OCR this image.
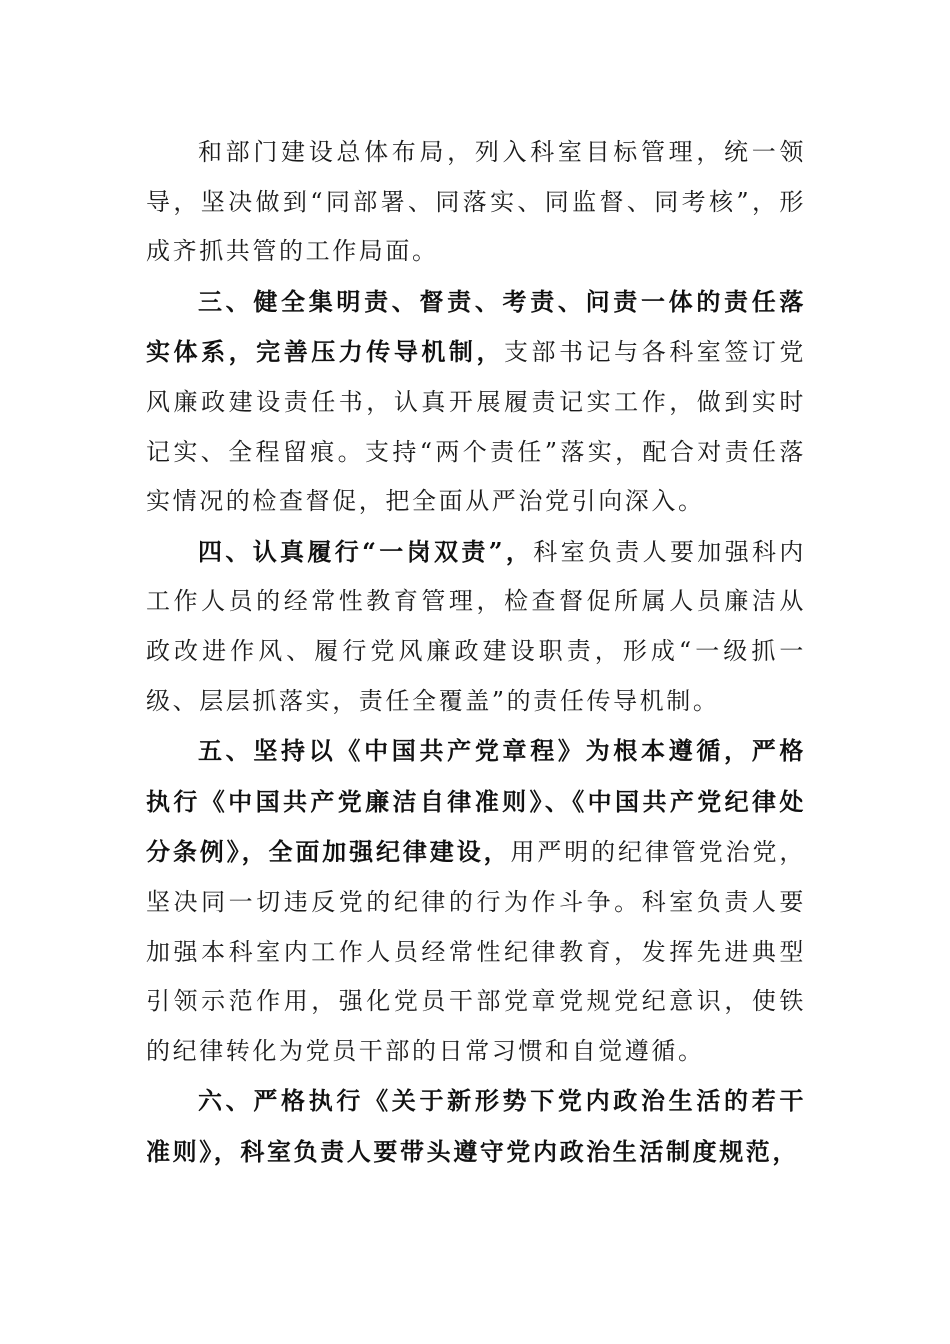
和部门建设总体布局，列入科室目标管理，统一领导，坚决做到“同部署、同落实、同监督、同考核”，形成齐抓共管的工作局面。

三、健全集明责、督责、考责、问责一体的责任落实体系，完善压力传导机制，支部书记与各科室签订党风廉政建设责任书，认真开展履责记实工作，做到实时记实、全程留痕。支持“两个责任”落实，配合对责任落实情况的检查督促，把全面从严治党引向深入。

四、认真履行“一岗双责”，科室负责人要加强科内工作人员的经常性教育管理，检查督促所属人员廉洁从政改进作风、履行党风廉政建设职责，形成“一级抓一级、层层抓落实，责任全覆盖”的责任传导机制。

五、坚持以《中国共产党章程》为根本遵循，严格执行《中国共产党廉洁自律准则》、《中国共产党纪律处分条例》，全面加强纪律建设，用严明的纪律管党治党，坚决同一切违反党的纪律的行为作斗争。科室负责人要加强本科室内工作人员经常性纪律教育，发挥先进典型引领示范作用，强化党员干部党章党规党纪意识，使铁的纪律转化为党员干部的日常习惯和自觉遵循。

六、严格执行《关于新形势下党内政治生活的若干准则》，科室负责人要带头遵守党内政治生活制度规范，
